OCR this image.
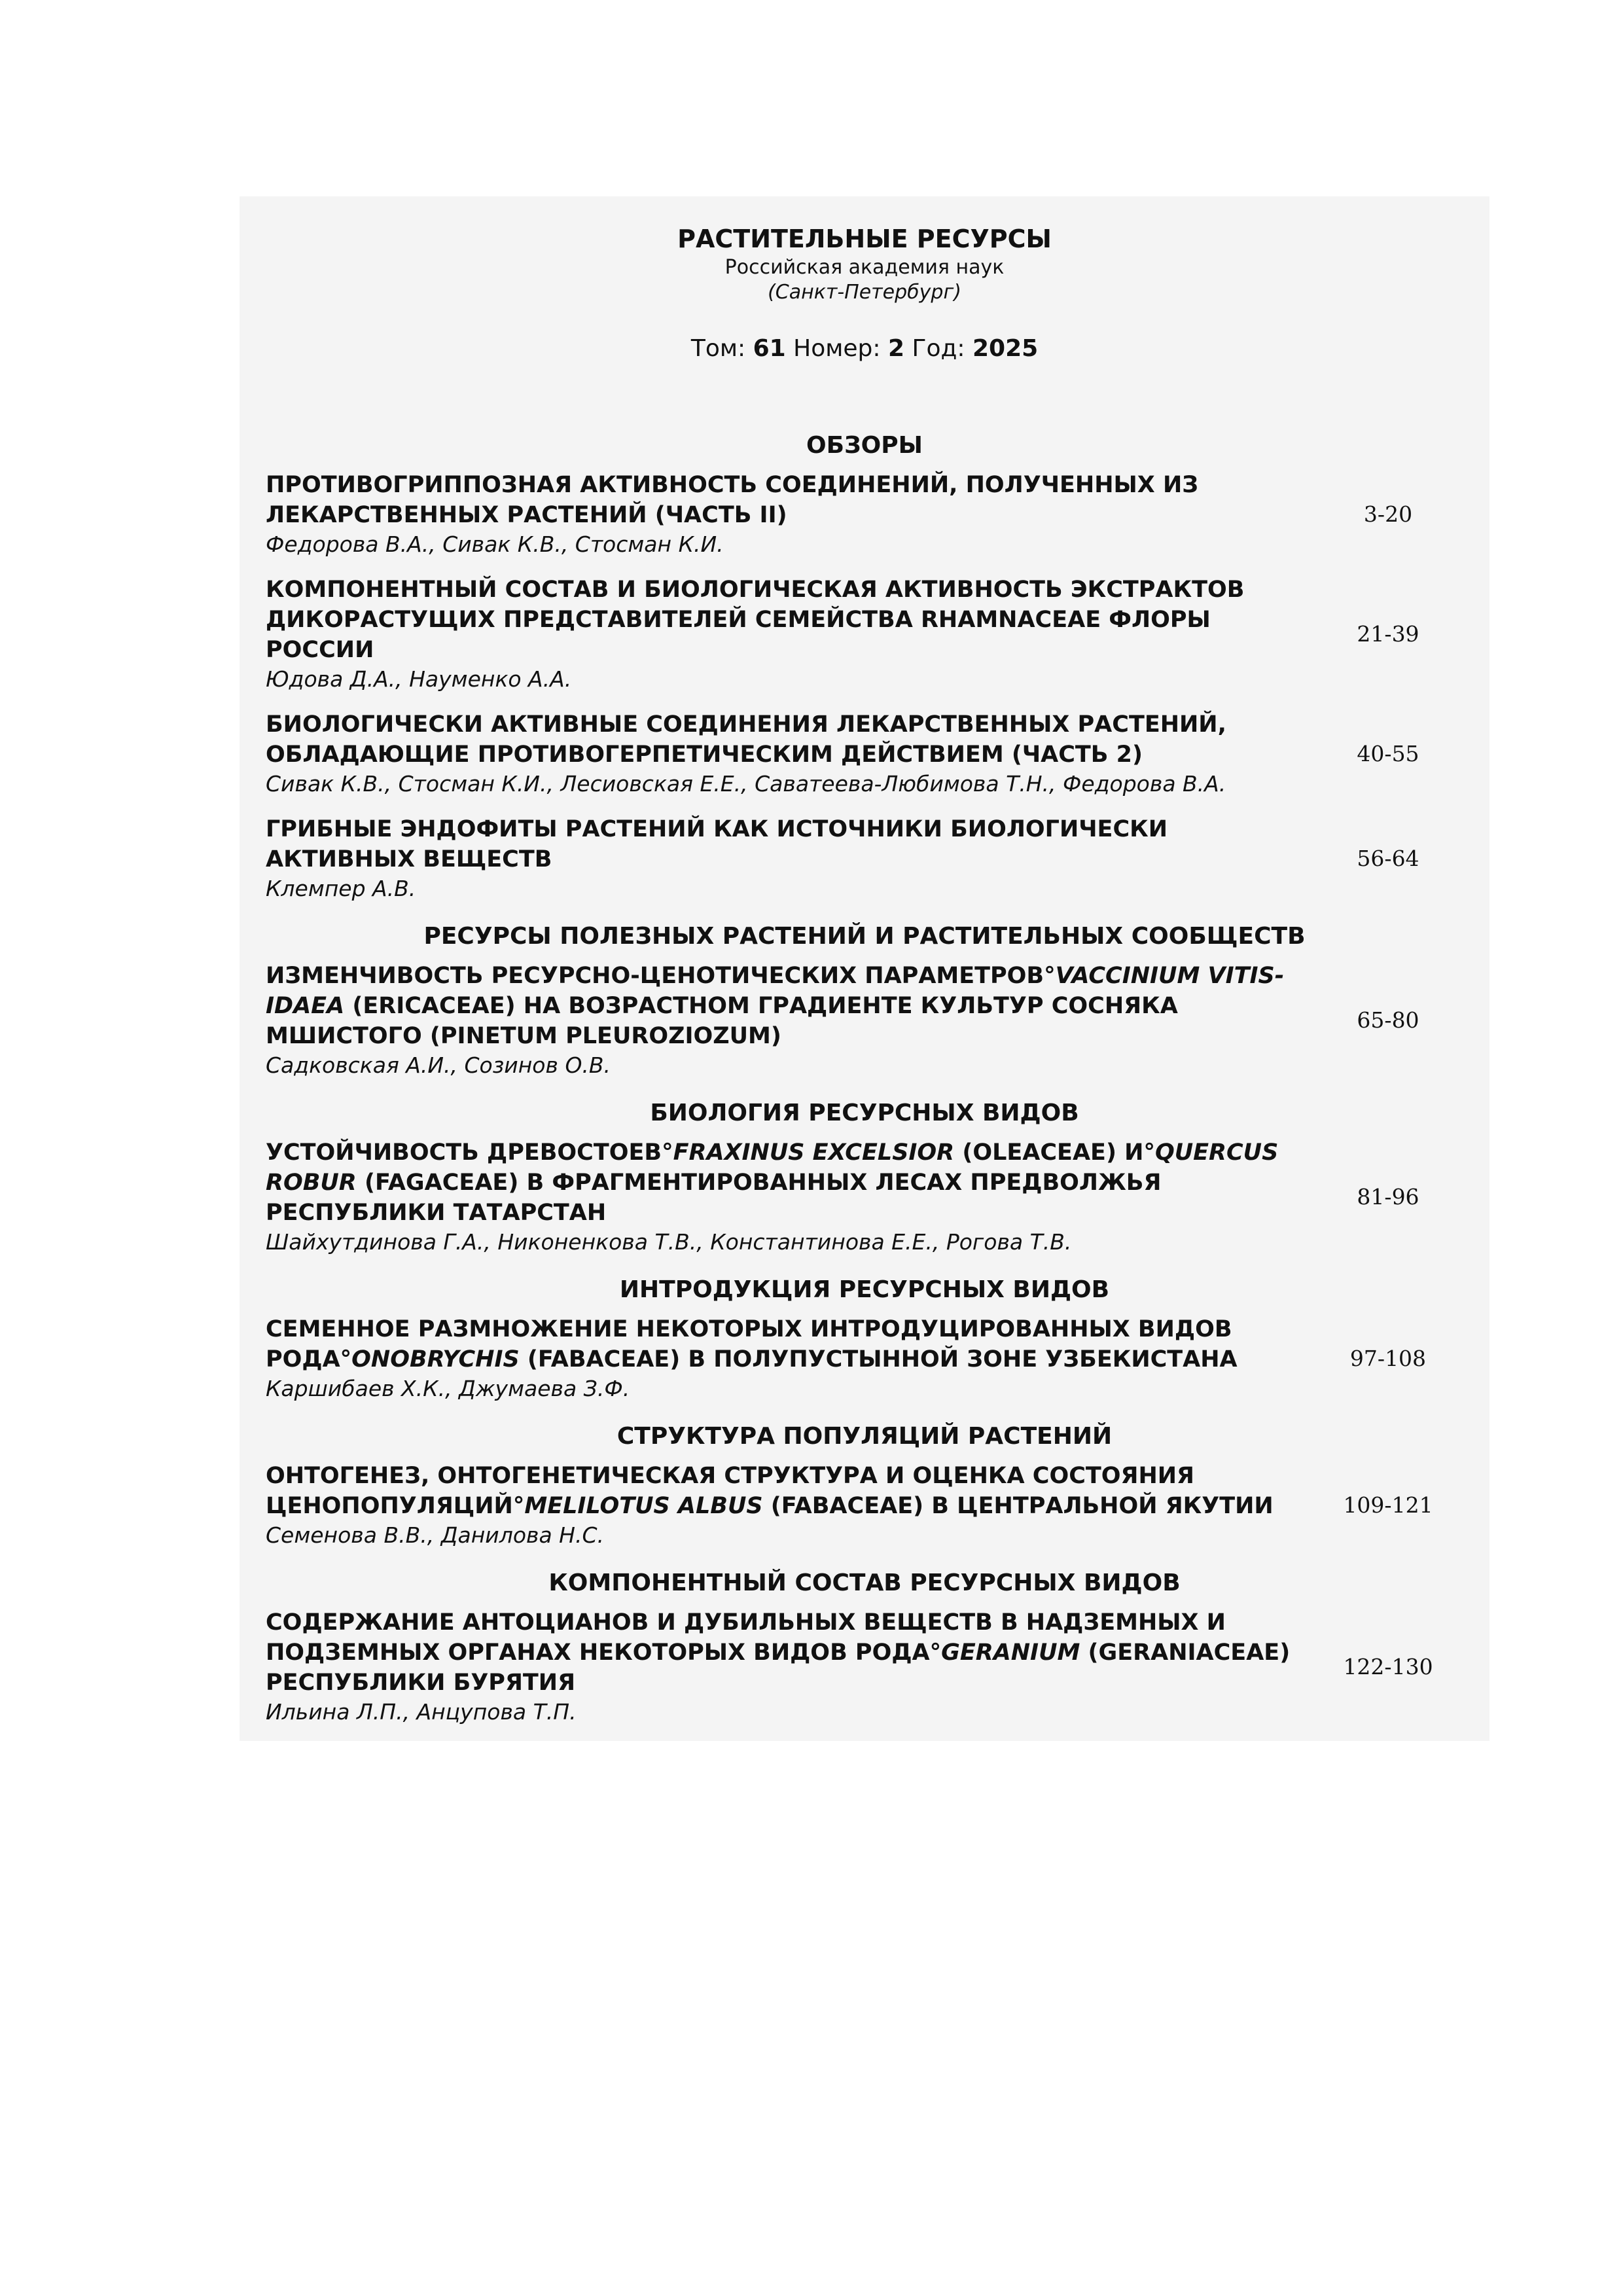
РАСТИТЕЛЬНЫЕ РЕСУРСЫ
Российская академия наук
(Санкт-Петербург)
Том: 61 Номер: 2 Год: 2025
ОБЗОРЫ
ПРОТИВОГРИППОЗНАЯ АКТИВНОСТЬ СОЕДИНЕНИЙ, ПОЛУЧЕННЫХ ИЗ ЛЕКАРСТВЕННЫХ РАСТЕНИЙ (ЧАСТЬ II)
Федорова В.А., Сивак К.В., Стосман К.И.
3-20
КОМПОНЕНТНЫЙ СОСТАВ И БИОЛОГИЧЕСКАЯ АКТИВНОСТЬ ЭКСТРАКТОВ ДИКОРАСТУЩИХ ПРЕДСТАВИТЕЛЕЙ СЕМЕЙСТВА RHAMNACEAE ФЛОРЫ РОССИИ
Юдова Д.А., Науменко А.А.
21-39
БИОЛОГИЧЕСКИ АКТИВНЫЕ СОЕДИНЕНИЯ ЛЕКАРСТВЕННЫХ РАСТЕНИЙ, ОБЛАДАЮЩИЕ ПРОТИВОГЕРПЕТИЧЕСКИМ ДЕЙСТВИЕМ (ЧАСТЬ 2)
Сивак К.В., Стосман К.И., Лесиовская Е.Е., Саватеева-Любимова Т.Н., Федорова В.А.
40-55
ГРИБНЫЕ ЭНДОФИТЫ РАСТЕНИЙ КАК ИСТОЧНИКИ БИОЛОГИЧЕСКИ АКТИВНЫХ ВЕЩЕСТВ
Клемпер А.В.
56-64
РЕСУРСЫ ПОЛЕЗНЫХ РАСТЕНИЙ И РАСТИТЕЛЬНЫХ СООБЩЕСТВ
ИЗМЕНЧИВОСТЬ РЕСУРСНО-ЦЕНОТИЧЕСКИХ ПАРАМЕТРОВ°VACCINIUM VITIS-IDAEA (ERICACEAE) НА ВОЗРАСТНОМ ГРАДИЕНТЕ КУЛЬТУР СОСНЯКА МШИСТОГО (PINETUM PLEUROZIOZUM)
Садковская А.И., Созинов О.В.
65-80
БИОЛОГИЯ РЕСУРСНЫХ ВИДОВ
УСТОЙЧИВОСТЬ ДРЕВОСТОЕВ°FRAXINUS EXCELSIOR (OLEACEAE) И°QUERCUS ROBUR (FAGACEAE) В ФРАГМЕНТИРОВАННЫХ ЛЕСАХ ПРЕДВОЛЖЬЯ РЕСПУБЛИКИ ТАТАРСТАН
Шайхутдинова Г.А., Никоненкова Т.В., Константинова Е.Е., Рогова Т.В.
81-96
ИНТРОДУКЦИЯ РЕСУРСНЫХ ВИДОВ
СЕМЕННОЕ РАЗМНОЖЕНИЕ НЕКОТОРЫХ ИНТРОДУЦИРОВАННЫХ ВИДОВ РОДА°ONOBRYCHIS (FABACEAE) В ПОЛУПУСТЫННОЙ ЗОНЕ УЗБЕКИСТАНА
Каршибаев Х.К., Джумаева З.Ф.
97-108
СТРУКТУРА ПОПУЛЯЦИЙ РАСТЕНИЙ
ОНТОГЕНЕЗ, ОНТОГЕНЕТИЧЕСКАЯ СТРУКТУРА И ОЦЕНКА СОСТОЯНИЯ ЦЕНОПОПУЛЯЦИЙ°MELILOTUS ALBUS (FABACEAE) В ЦЕНТРАЛЬНОЙ ЯКУТИИ
Семенова В.В., Данилова Н.С.
109-121
КОМПОНЕНТНЫЙ СОСТАВ РЕСУРСНЫХ ВИДОВ
СОДЕРЖАНИЕ АНТОЦИАНОВ И ДУБИЛЬНЫХ ВЕЩЕСТВ В НАДЗЕМНЫХ И ПОДЗЕМНЫХ ОРГАНАХ НЕКОТОРЫХ ВИДОВ РОДА°GERANIUM (GERANIACEAE) РЕСПУБЛИКИ БУРЯТИЯ
Ильина Л.П., Анцупова Т.П.
122-130
